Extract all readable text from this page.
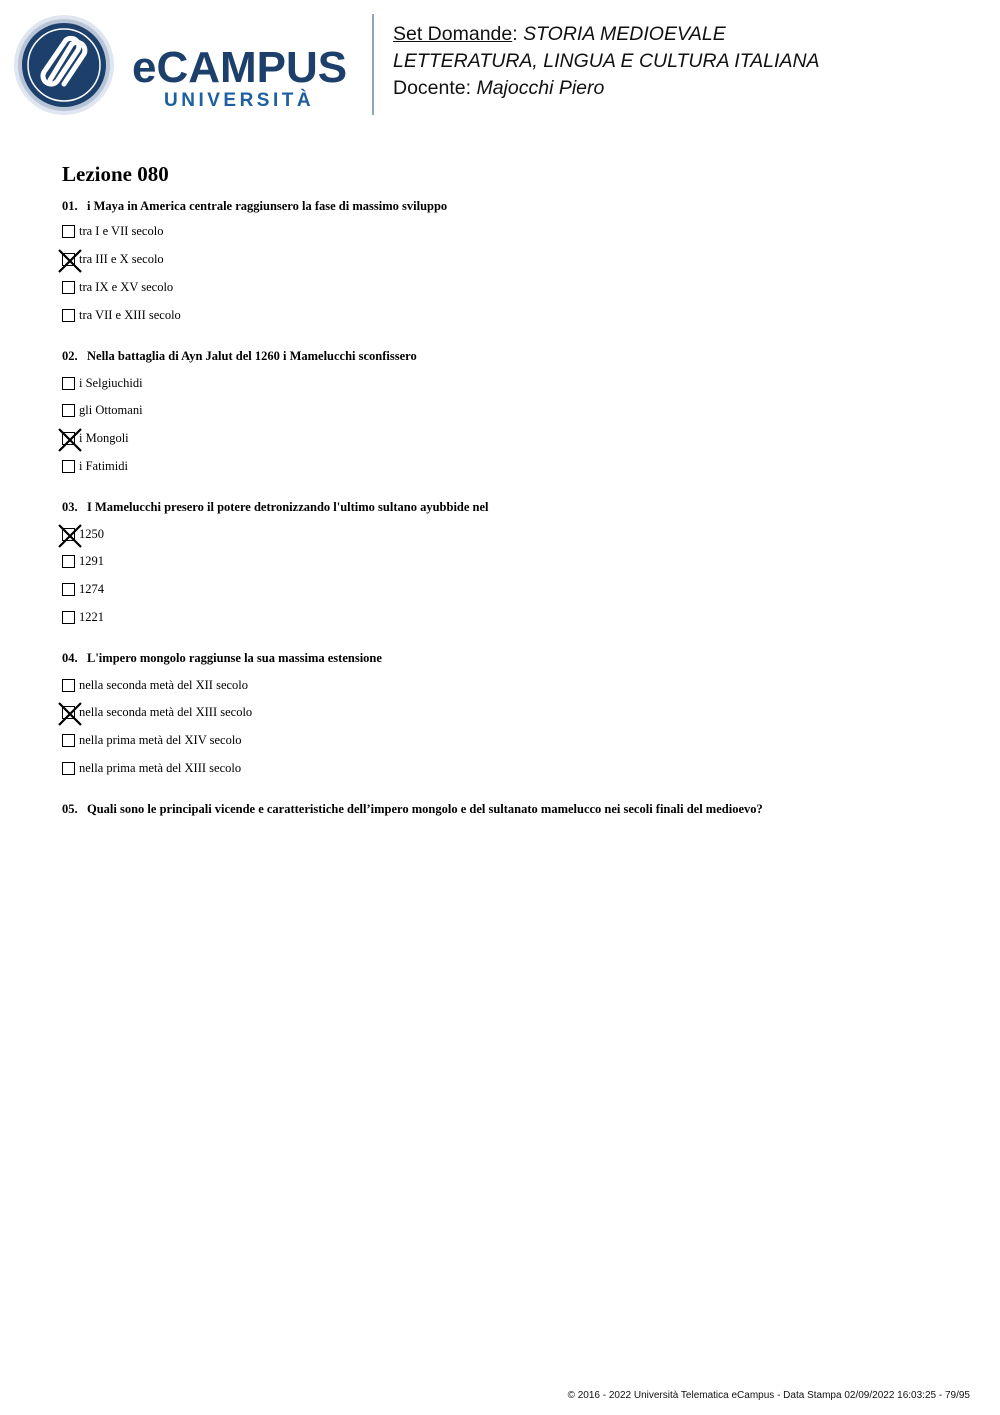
eCAMPUS
UNIVERSITÀ
Set Domande: STORIA MEDIOEVALE
LETTERATURA, LINGUA E CULTURA ITALIANA
Docente: Majocchi Piero
Lezione 080

01. i Maya in America centrale raggiunsero la fase di massimo sviluppo

tra I e VII secolo
tra III e X secolo
tra IX e XV secolo
tra VII e XIII secolo

02. Nella battaglia di Ayn Jalut del 1260 i Mamelucchi sconfissero

i Selgiuchidi
gli Ottomani
i Mongoli
i Fatimidi

03. I Mamelucchi presero il potere detronizzando l'ultimo sultano ayubbide nel

1250
1291
1274
1221

04. L'impero mongolo raggiunse la sua massima estensione

nella seconda metà del XII secolo
nella seconda metà del XIII secolo
nella prima metà del XIV secolo
nella prima metà del XIII secolo

05. Quali sono le principali vicende e caratteristiche dell’impero mongolo e del sultanato mamelucco nei secoli finali del medioevo?

© 2016 - 2022 Università Telematica eCampus - Data Stampa 02/09/2022 16:03:25 - 79/95
